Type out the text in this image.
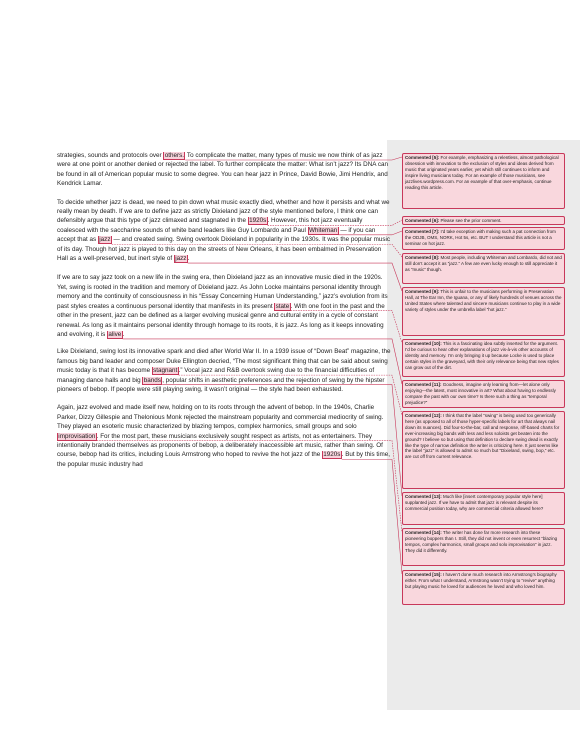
strategies, sounds and protocols over others. To complicate the matter, many types of music we now think of as jazz were at one point or another denied or rejected the label. To further complicate the matter: What isn’t jazz? Its DNA can be found in all of American popular music to some degree. You can hear jazz in Prince, David Bowie, Jimi Hendrix, and Kendrick Lamar.

To decide whether jazz is dead, we need to pin down what music exactly died, whether and how it persists and what we really mean by death. If we are to define jazz as strictly Dixieland jazz of the style mentioned before, I think one can defensibly argue that this type of jazz climaxed and stagnated in the 1920s. However, this hot jazz eventually coalesced with the saccharine sounds of white band leaders like Guy Lombardo and Paul Whiteman — if you can accept that as jazz — and created swing. Swing overtook Dixieland in popularity in the 1930s. It was the popular music of its day. Though hot jazz is played to this day on the streets of New Orleans, it has been embalmed in Preservation Hall as a well-preserved, but inert style of jazz.

If we are to say jazz took on a new life in the swing era, then Dixieland jazz as an innovative music died in the 1920s. Yet, swing is rooted in the tradition and memory of Dixieland jazz. As John Locke maintains personal identity through memory and the continuity of consciousness in his “Essay Concerning Human Understanding,” jazz’s evolution from its past styles creates a continuous personal identity that manifests in its present state. With one foot in the past and the other in the present, jazz can be defined as a larger evolving musical genre and cultural entity in a cycle of constant renewal. As long as it maintains personal identity through homage to its roots, it is jazz. As long as it keeps innovating and evolving, it is alive.

Like Dixieland, swing lost its innovative spark and died after World War II. In a 1939 issue of “Down Beat” magazine, the famous big band leader and composer Duke Ellington decried, “The most significant thing that can be said about swing music today is that it has become stagnant.” Vocal jazz and R&B overtook swing due to the financial difficulties of managing dance halls and big bands, popular shifts in aesthetic preferences and the rejection of swing by the hipster pioneers of bebop. If people were still playing swing, it wasn’t original — the style had been exhausted.

Again, jazz evolved and made itself new, holding on to its roots through the advent of bebop. In the 1940s, Charlie Parker, Dizzy Gillespie and Thelonious Monk rejected the mainstream popularity and commercial mediocrity of swing. They played an esoteric music characterized by blazing tempos, complex harmonics, small groups and solo improvisation. For the most part, these musicians exclusively sought respect as artists, not as entertainers. They intentionally branded themselves as proponents of bebop, a deliberately inaccessible art music, rather than swing. Of course, bebop had its critics, including Louis Armstrong who hoped to revive the hot jazz of the 1920s. But by this time, the popular music industry had

Commented [5]: For example, emphasizing a relentless, almost pathological obsession with innovation to the exclusion of styles and ideas derived from music that originated years earlier, yet which still continues to inform and inspire living musicians today. For an example of those musicians, see jazzlives.wordpress.com. For an example of that over-emphasis, continue reading this article.
Commented [6]: Please see the prior comment.
Commented [7]: I’d take exception with making such a pat connection from the ODJB, OMS, NORK, Hot 5s, etc. BUT I understand this article is not a seminar on hot jazz.
Commented [8]: Most people, including Whiteman and Lombardo, did not and still don’t accept it as “jazz.” A few are even lucky enough to still appreciate it as “music” though.
Commented [9]: This is unfair to the musicians performing in Preservation Hall, at The Ear Inn, the Iguana, or any of likely hundreds of venues across the United States where talented and sincere musicians continue to play in a wide variety of styles under the umbrella label “hot jazz.”
Commented [10]: This is a fascinating idea subtly inserted for the argument. I’d be curious to hear other explanations of jazz vis-à-vis other accounts of identity and memory. I’m only bringing it up because Locke is used to place certain styles in the graveyard, with their only relevance being that new styles can grow out of the dirt.
Commented [11]: Goodness, imagine only learning from—let alone only enjoying—the latest, most innovative in art? What about having to endlessly compare the past with our own time? Is there such a thing as “temporal prejudice?”
Commented [12]: I think that the label “swing” is being used too generically here (as opposed to all of those hyper-specific labels for art that always nail down its nuances). Did four-to-the-bar, call and response, riff-based charts for ever-increasing big bands with less and less soloists get beaten into the ground? I believe so but using that definition to declare swing dead is exactly like the type of narrow definition the writer is criticizing here. It just seems like the label “jazz” is allowed to admit so much but “Dixieland, swing, bop,” etc. are cut off from current relevance.
Commented [13]: Much like [insert contemporary popular style here] supplanted jazz. If we have to admit that jazz is relevant despite its commercial position today, why are commercial criteria allowed here?
Commented [14]: The writer has done far more research into these pioneering boppers than I. Still, they did not invent or even resurrect “blazing tempos, complex harmonics, small groups and solo improvisation” in jazz. They did it differently.
Commented [15]: I haven’t done much research into Armstrong’s biography either. From what I understand, Armstrong wasn’t trying to “revive” anything but playing music he loved for audiences he loved and who loved him.
